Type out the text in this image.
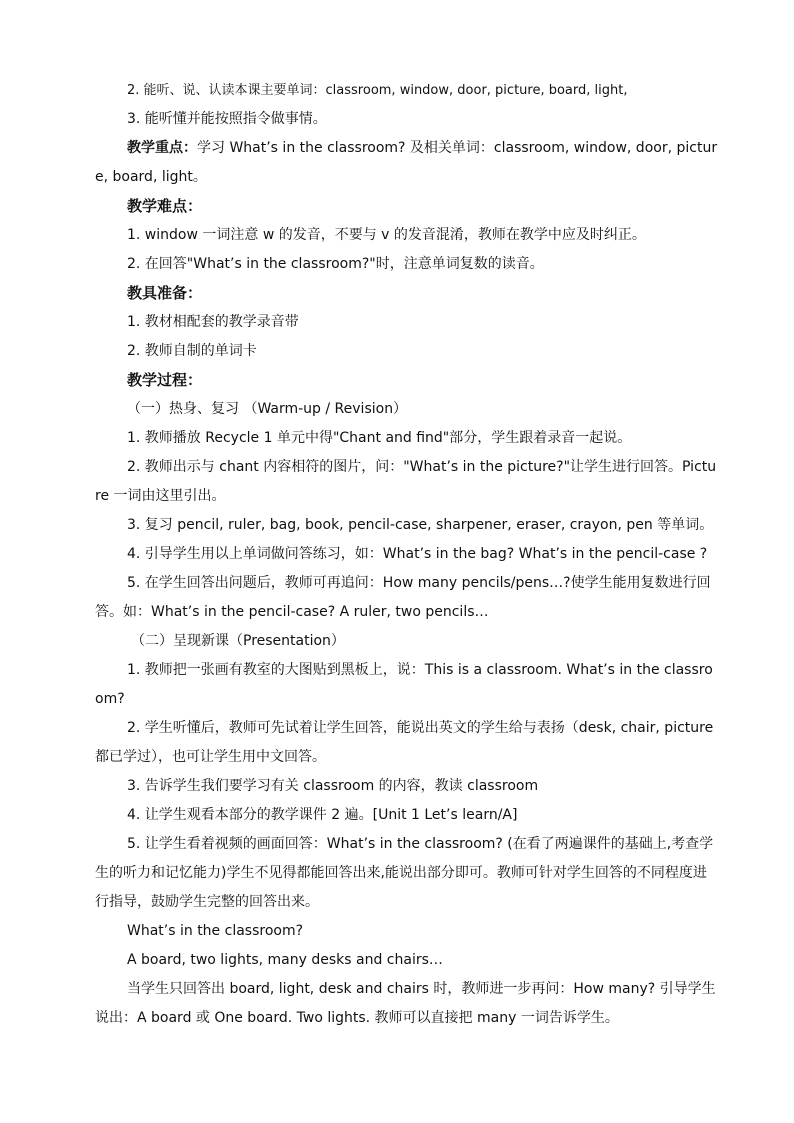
2. 能听、说、认读本课主要单词：classroom, window, door, picture, board, light,

3. 能听懂并能按照指令做事情。

教学重点：学习 What’s in the classroom? 及相关单词：classroom, window, door, picture, board, light。

教学难点：

1. window 一词注意 w 的发音，不要与 v 的发音混淆，教师在教学中应及时纠正。

2. 在回答"What’s in the classroom?"时，注意单词复数的读音。

教具准备：

1. 教材相配套的教学录音带

2. 教师自制的单词卡

教学过程：

（一）热身、复习 （Warm-up / Revision）

1. 教师播放 Recycle 1 单元中得"Chant and find"部分，学生跟着录音一起说。

2. 教师出示与 chant 内容相符的图片，问："What’s in the picture?"让学生进行回答。Picture 一词由这里引出。

3. 复习 pencil, ruler, bag, book, pencil-case, sharpener, eraser, crayon, pen 等单词。

4. 引导学生用以上单词做问答练习，如：What’s in the bag? What’s in the pencil-case ?

5. 在学生回答出问题后，教师可再追问：How many pencils/pens…?使学生能用复数进行回答。如：What’s in the pencil-case? A ruler, two pencils…

（二）呈现新课（Presentation）

1. 教师把一张画有教室的大图贴到黑板上，说：This is a classroom. What’s in the classroom?

2. 学生听懂后，教师可先试着让学生回答，能说出英文的学生给与表扬（desk, chair, picture 都已学过），也可让学生用中文回答。

3. 告诉学生我们要学习有关 classroom 的内容，教读 classroom

4. 让学生观看本部分的教学课件 2 遍。[Unit 1 Let’s learn/A]

5. 让学生看着视频的画面回答：What’s in the classroom? (在看了两遍课件的基础上,考查学生的听力和记忆能力)学生不见得都能回答出来,能说出部分即可。教师可针对学生回答的不同程度进行指导，鼓励学生完整的回答出来。

What’s in the classroom?

A board, two lights, many desks and chairs…

当学生只回答出 board, light, desk and chairs 时，教师进一步再问：How many? 引导学生说出：A board 或 One board. Two lights. 教师可以直接把 many 一词告诉学生。
